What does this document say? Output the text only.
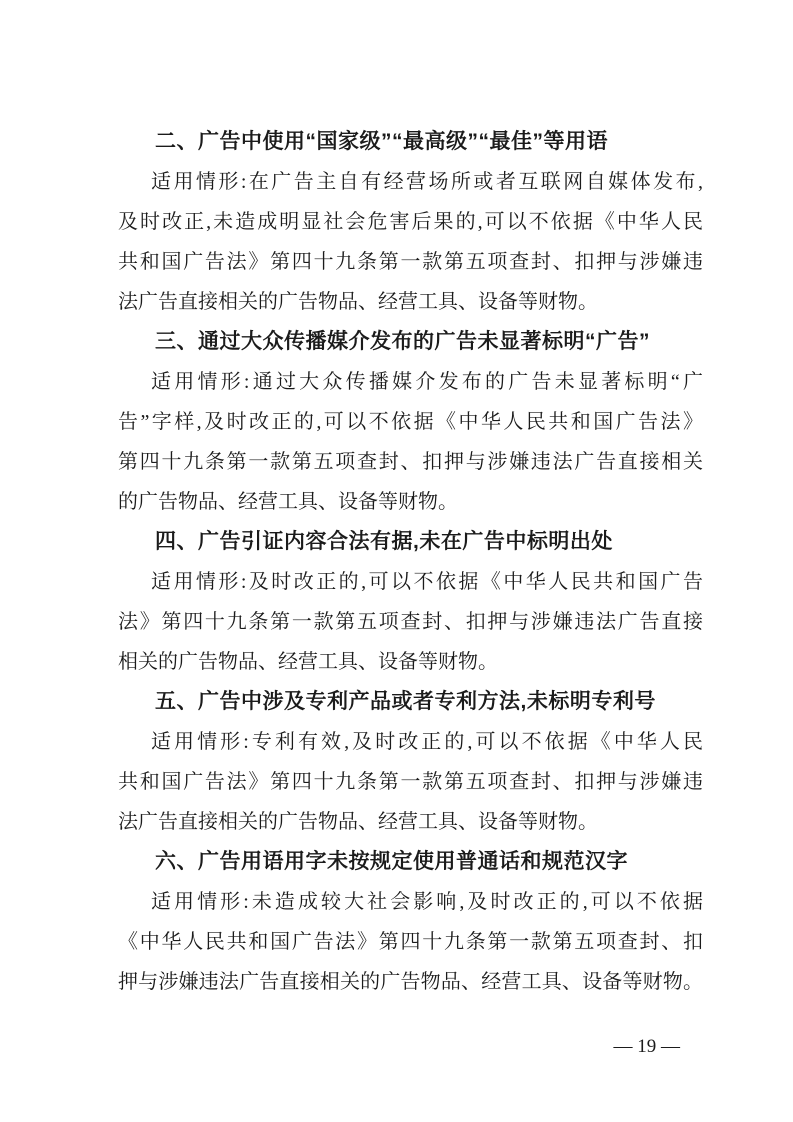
二、广告中使用“国家级”“最高级”“最佳”等用语
适用情形:在广告主自有经营场所或者互联网自媒体发布,
及时改正,未造成明显社会危害后果的,可以不依据《中华人民
共和国广告法》第四十九条第一款第五项查封、扣押与涉嫌违
法广告直接相关的广告物品、经营工具、设备等财物。
三、通过大众传播媒介发布的广告未显著标明“广告”
适用情形:通过大众传播媒介发布的广告未显著标明“广
告”字样,及时改正的,可以不依据《中华人民共和国广告法》
第四十九条第一款第五项查封、扣押与涉嫌违法广告直接相关
的广告物品、经营工具、设备等财物。
四、广告引证内容合法有据,未在广告中标明出处
适用情形:及时改正的,可以不依据《中华人民共和国广告
法》第四十九条第一款第五项查封、扣押与涉嫌违法广告直接
相关的广告物品、经营工具、设备等财物。
五、广告中涉及专利产品或者专利方法,未标明专利号
适用情形:专利有效,及时改正的,可以不依据《中华人民
共和国广告法》第四十九条第一款第五项查封、扣押与涉嫌违
法广告直接相关的广告物品、经营工具、设备等财物。
六、广告用语用字未按规定使用普通话和规范汉字
适用情形:未造成较大社会影响,及时改正的,可以不依据
《中华人民共和国广告法》第四十九条第一款第五项查封、扣
押与涉嫌违法广告直接相关的广告物品、经营工具、设备等财物。
— 19 —
